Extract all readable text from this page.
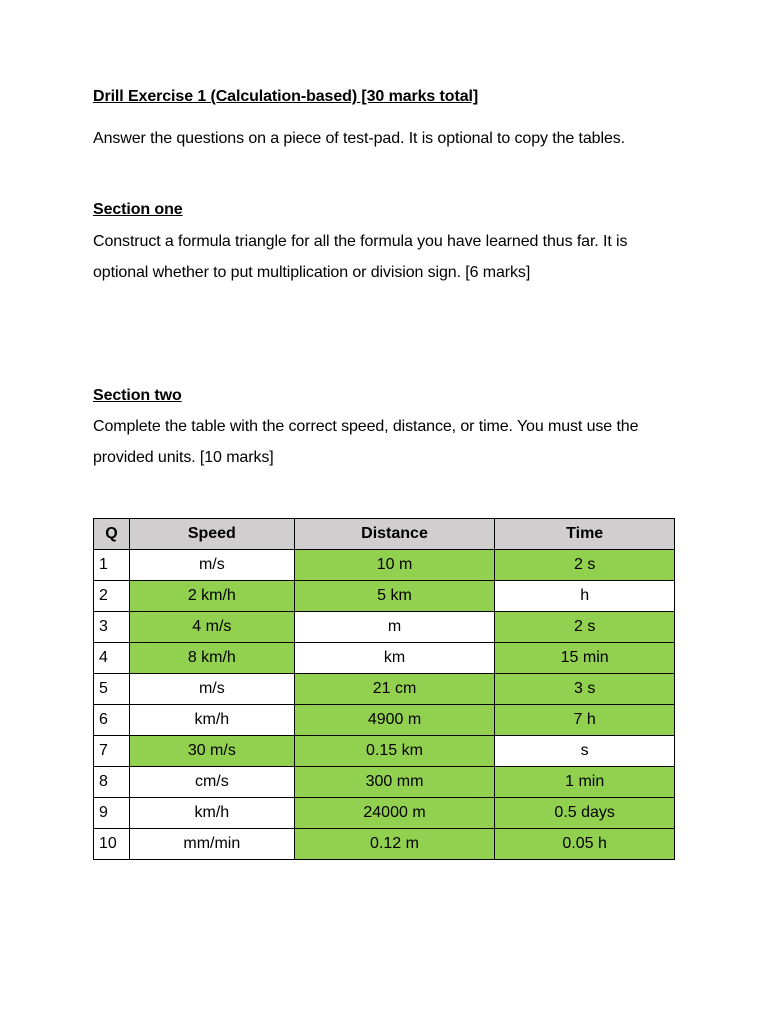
Drill Exercise 1 (Calculation-based) [30 marks total]
Answer the questions on a piece of test-pad. It is optional to copy the tables.
Section one
Construct a formula triangle for all the formula you have learned thus far. It is optional whether to put multiplication or division sign. [6 marks]
Section two
Complete the table with the correct speed, distance, or time. You must use the provided units. [10 marks]
Q	Speed	Distance	Time
1	m/s	10 m	2 s
2	2 km/h	5 km	h
3	4 m/s	m	2 s
4	8 km/h	km	15 min
5	m/s	21 cm	3 s
6	km/h	4900 m	7 h
7	30 m/s	0.15 km	s
8	cm/s	300 mm	1 min
9	km/h	24000 m	0.5 days
10	mm/min	0.12 m	0.05 h
